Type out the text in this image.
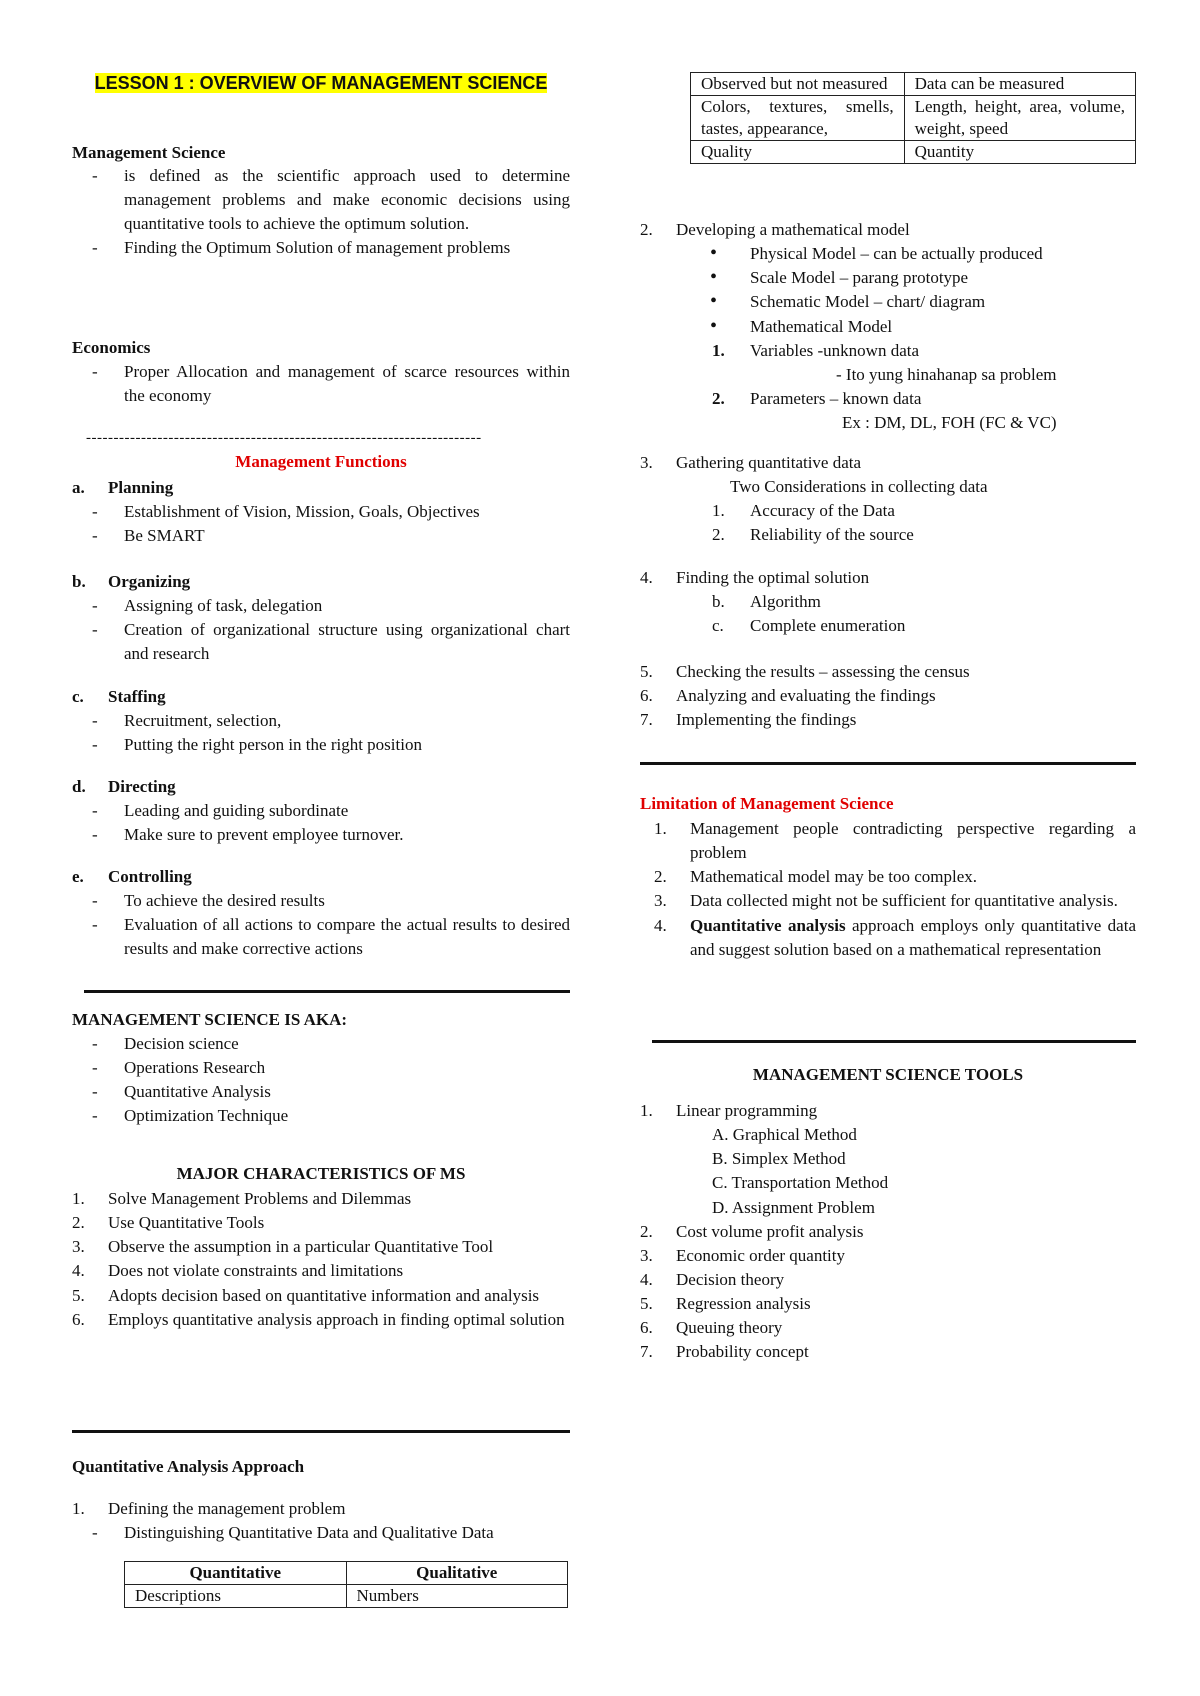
LESSON 1 : OVERVIEW OF MANAGEMENT SCIENCE
Management Science
- is defined as the scientific approach used to determine management problems and make economic decisions using quantitative tools to achieve the optimum solution.
- Finding the Optimum Solution of management problems
Economics
- Proper Allocation and management of scarce resources within the economy
------------------------------------------------------------------------
Management Functions
a. Planning
- Establishment of Vision, Mission, Goals, Objectives
- Be SMART
b. Organizing
- Assigning of task, delegation
- Creation of organizational structure using organizational chart and research
c. Staffing
- Recruitment, selection,
- Putting the right person in the right position
d. Directing
- Leading and guiding subordinate
- Make sure to prevent employee turnover.
e. Controlling
- To achieve the desired results
- Evaluation of all actions to compare the actual results to desired results and make corrective actions
MANAGEMENT SCIENCE IS AKA:
- Decision science
- Operations Research
- Quantitative Analysis
- Optimization Technique
MAJOR CHARACTERISTICS OF MS
1. Solve Management Problems and Dilemmas
2. Use Quantitative Tools
3. Observe the assumption in a particular Quantitative Tool
4. Does not violate constraints and limitations
5. Adopts decision based on quantitative information and analysis
6. Employs quantitative analysis approach in finding optimal solution
Quantitative Analysis Approach
1. Defining the management problem
- Distinguishing Quantitative Data and Qualitative Data
Quantitative	Qualitative
Descriptions	Numbers
Observed but not measured	Data can be measured
Colors, textures, smells, tastes, appearance,	Length, height, area, volume, weight, speed
Quality	Quantity
2. Developing a mathematical model
• Physical Model – can be actually produced
• Scale Model – parang prototype
• Schematic Model – chart/ diagram
• Mathematical Model
1. Variables -unknown data
- Ito yung hinahanap sa problem
2. Parameters – known data
Ex : DM, DL, FOH (FC & VC)
3. Gathering quantitative data
Two Considerations in collecting data
1. Accuracy of the Data
2. Reliability of the source
4. Finding the optimal solution
b. Algorithm
c. Complete enumeration
5. Checking the results – assessing the census
6. Analyzing and evaluating the findings
7. Implementing the findings
Limitation of Management Science
1. Management people contradicting perspective regarding a problem
2. Mathematical model may be too complex.
3. Data collected might not be sufficient for quantitative analysis.
4. Quantitative analysis approach employs only quantitative data and suggest solution based on a mathematical representation
MANAGEMENT SCIENCE TOOLS
1. Linear programming
A. Graphical Method
B. Simplex Method
C. Transportation Method
D. Assignment Problem
2. Cost volume profit analysis
3. Economic order quantity
4. Decision theory
5. Regression analysis
6. Queuing theory
7. Probability concept
